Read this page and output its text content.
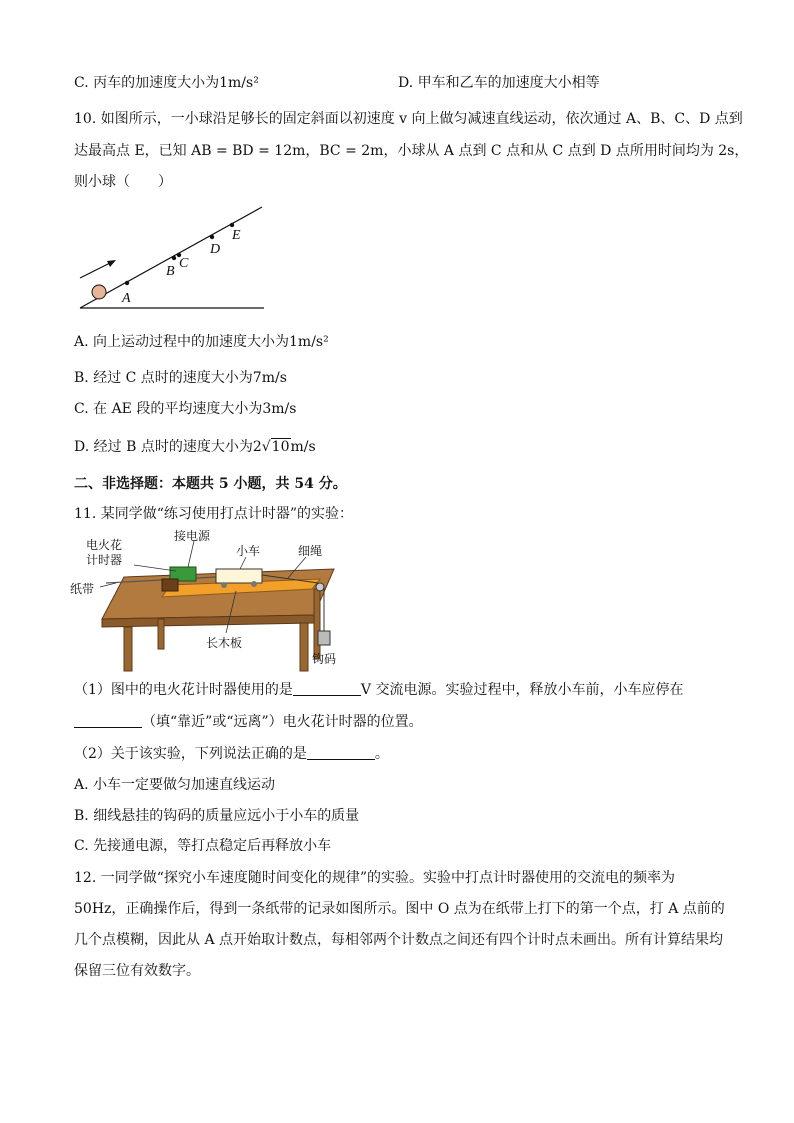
C. 丙车的加速度大小为1m/s²	D. 甲车和乙车的加速度大小相等
10. 如图所示，一小球沿足够长的固定斜面以初速度 v 向上做匀减速直线运动，依次通过 A、B、C、D 点到
达最高点 E，已知 AB = BD = 12m，BC = 2m，小球从 A 点到 C 点和从 C 点到 D 点所用时间均为 2s，
则小球（　　）
A
B
C
D
E
A. 向上运动过程中的加速度大小为1m/s²
B. 经过 C 点时的速度大小为7m/s
C. 在 AE 段的平均速度大小为3m/s
D. 经过 B 点时的速度大小为2√10m/s
二、非选择题：本题共 5 小题，共 54 分。
11. 某同学做“练习使用打点计时器”的实验：
电火花
计时器
接电源
小车	细绳
纸带
长木板
钩码
（1）图中的电火花计时器使用的是	V 交流电源。实验过程中，释放小车前，小车应停在
（填“靠近”或“远离”）电火花计时器的位置。
（2）关于该实验，下列说法正确的是	。
A. 小车一定要做匀加速直线运动
B. 细线悬挂的钩码的质量应远小于小车的质量
C. 先接通电源，等打点稳定后再释放小车
12. 一同学做“探究小车速度随时间变化的规律”的实验。实验中打点计时器使用的交流电的频率为
50Hz，正确操作后，得到一条纸带的记录如图所示。图中 O 点为在纸带上打下的第一个点，打 A 点前的
几个点模糊，因此从 A 点开始取计数点，每相邻两个计数点之间还有四个计时点未画出。所有计算结果均
保留三位有效数字。
